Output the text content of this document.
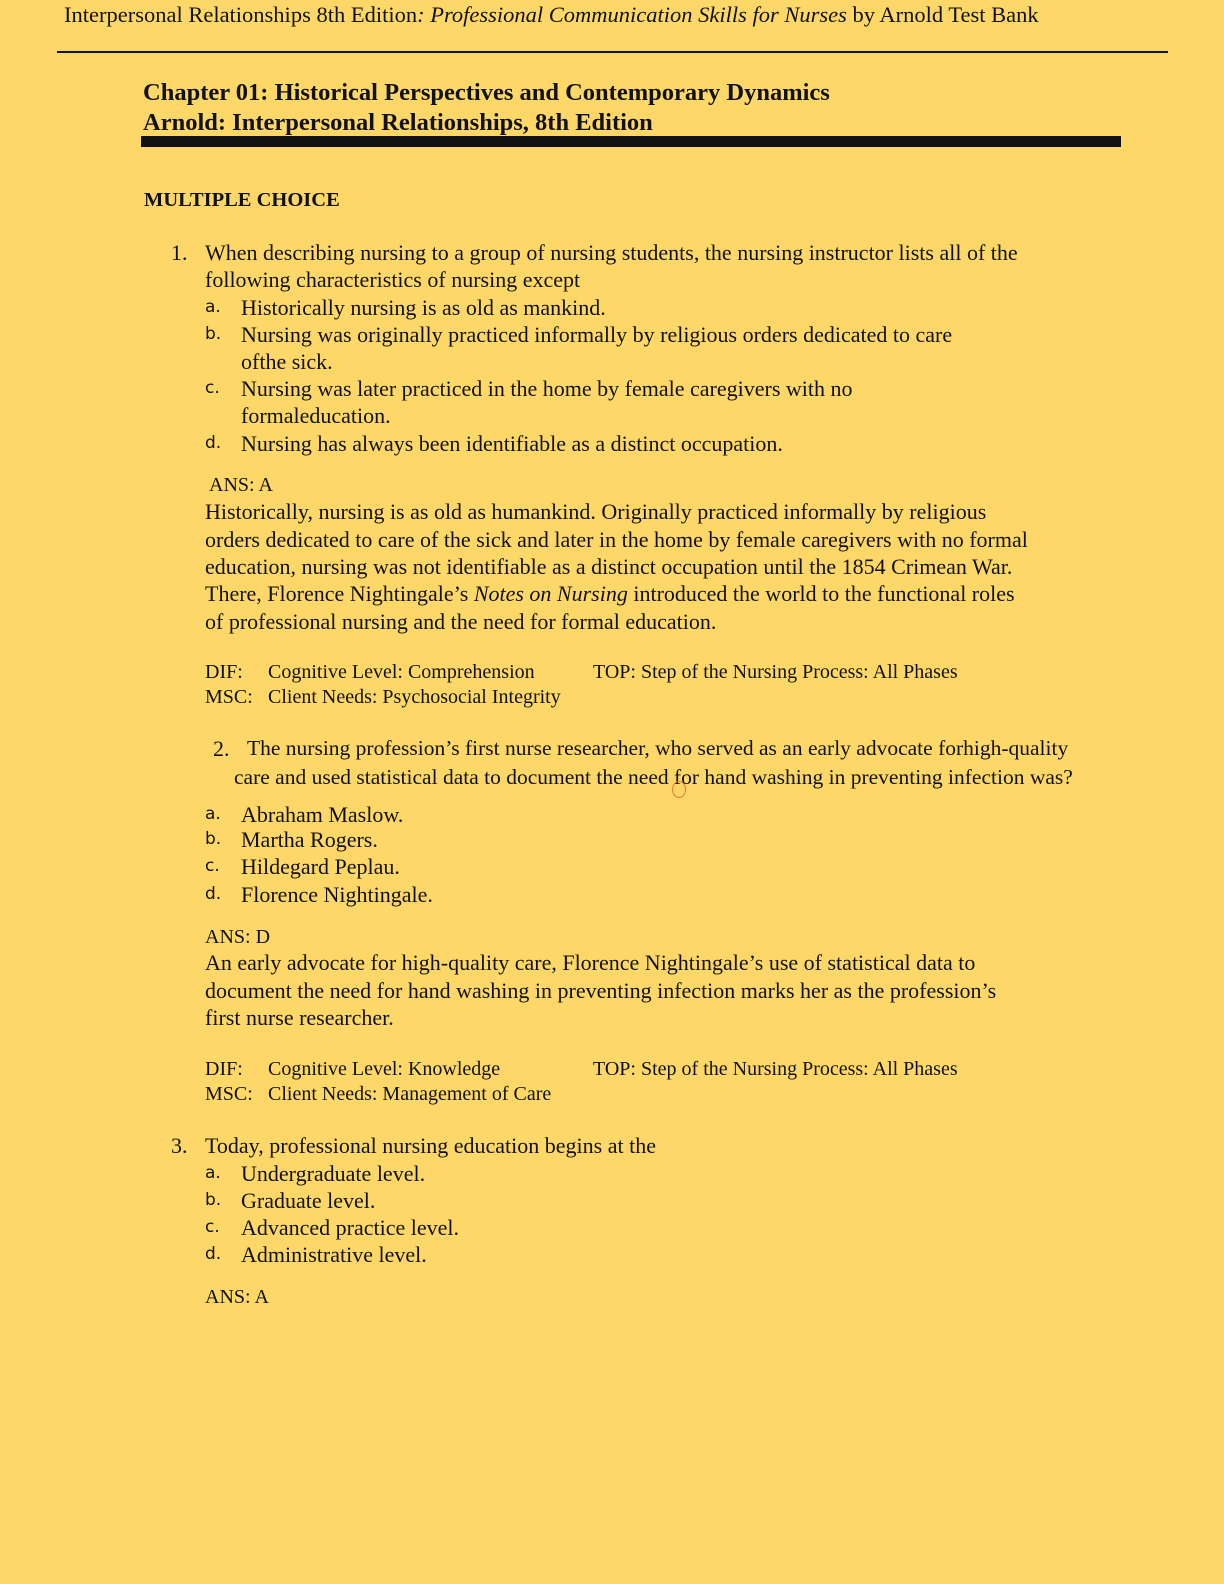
Interpersonal Relationships 8th Edition: Professional Communication Skills for Nurses by Arnold Test Bank
Chapter 01: Historical Perspectives and Contemporary Dynamics
Arnold: Interpersonal Relationships, 8th Edition
MULTIPLE CHOICE
1. When describing nursing to a group of nursing students, the nursing instructor lists all of the
following characteristics of nursing except
a. Historically nursing is as old as mankind.
b. Nursing was originally practiced informally by religious orders dedicated to care
ofthe sick.
c. Nursing was later practiced in the home by female caregivers with no
formaleducation.
d. Nursing has always been identifiable as a distinct occupation.
ANS: A
Historically, nursing is as old as humankind. Originally practiced informally by religious
orders dedicated to care of the sick and later in the home by female caregivers with no formal
education, nursing was not identifiable as a distinct occupation until the 1854 Crimean War.
There, Florence Nightingale’s Notes on Nursing introduced the world to the functional roles
of professional nursing and the need for formal education.
DIF: Cognitive Level: Comprehension	TOP: Step of the Nursing Process: All Phases
MSC: Client Needs: Psychosocial Integrity
2. The nursing profession’s first nurse researcher, who served as an early advocate forhigh-quality
care and used statistical data to document the need for hand washing in preventing infection was?
a. Abraham Maslow.
b. Martha Rogers.
c. Hildegard Peplau.
d. Florence Nightingale.
ANS: D
An early advocate for high-quality care, Florence Nightingale’s use of statistical data to
document the need for hand washing in preventing infection marks her as the profession’s
first nurse researcher.
DIF: Cognitive Level: Knowledge	TOP: Step of the Nursing Process: All Phases
MSC: Client Needs: Management of Care
3. Today, professional nursing education begins at the
a. Undergraduate level.
b. Graduate level.
c. Advanced practice level.
d. Administrative level.
ANS: A
